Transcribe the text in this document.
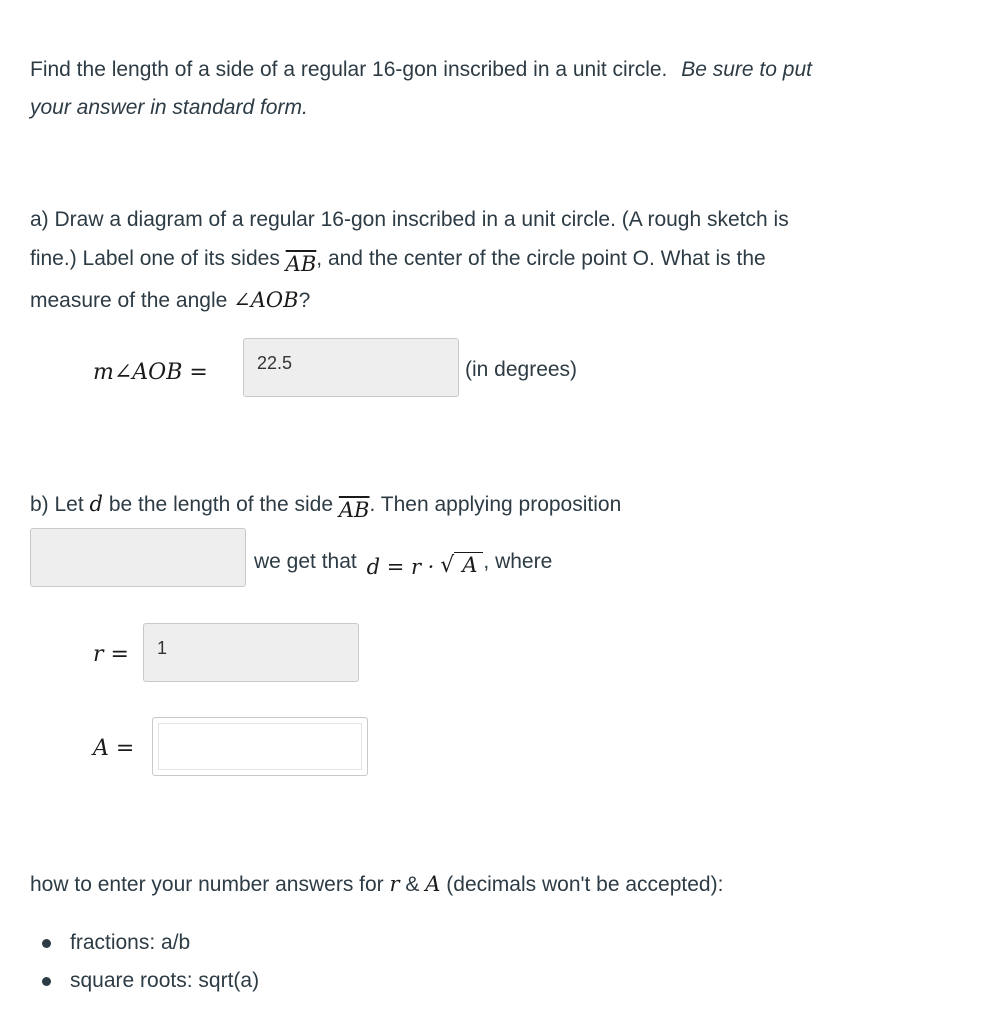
Find the length of a side of a regular 16-gon inscribed in a unit circle. Be sure to put
your answer in standard form.
a) Draw a diagram of a regular 16-gon inscribed in a unit circle. (A rough sketch is
fine.) Label one of its sides $\overline{AB}$, and the center of the circle point O. What is the
measure of the angle ∠AOB?
m∠AOB =	22.5	(in degrees)
b) Let d be the length of the side $\overline{AB}$. Then applying proposition
we get that d = r · √ A , where
r =	1
A =
how to enter your number answers for r & A (decimals won't be accepted):
fractions: a/b
square roots: sqrt(a)
